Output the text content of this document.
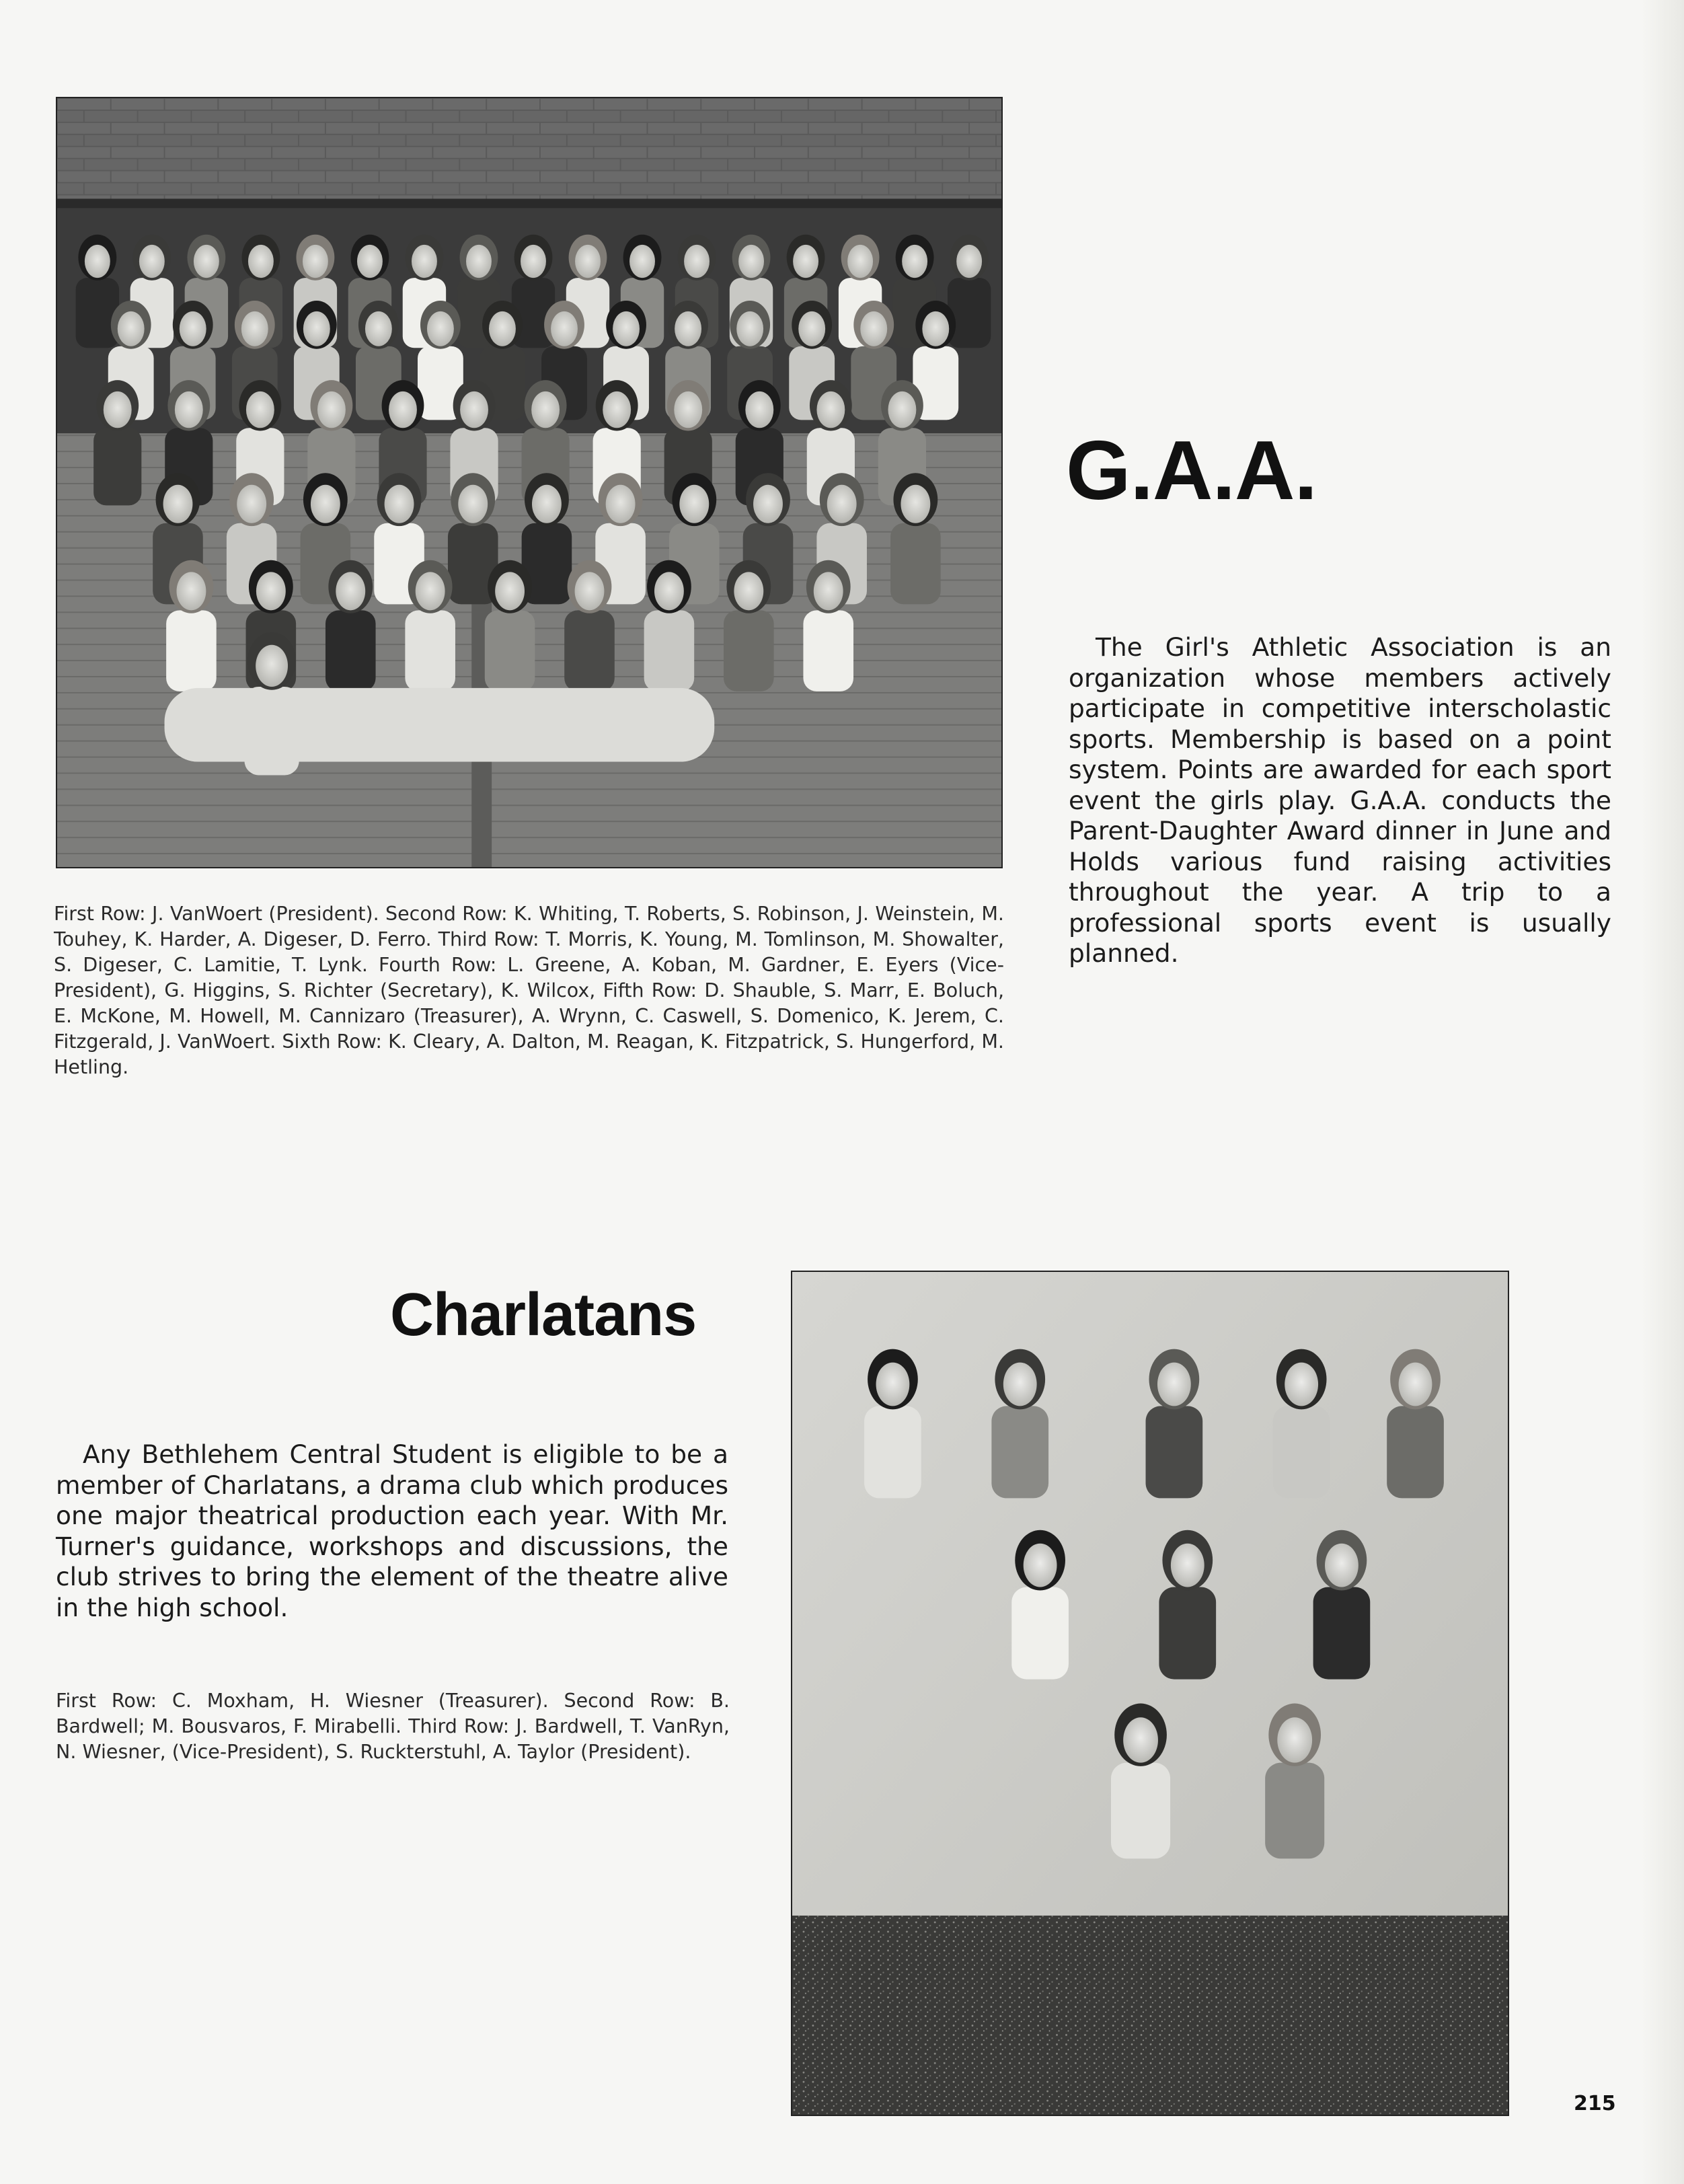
G.A.A.

The Girl's Athletic Association is an organization whose members actively participate in competitive interscholastic sports. Membership is based on a point system. Points are awarded for each sport event the girls play. G.A.A. conducts the Parent-Daughter Award dinner in June and Holds various fund raising activities throughout the year. A trip to a professional sports event is usually planned.

First Row: J. VanWoert (President). Second Row: K. Whiting, T. Roberts, S. Robinson, J. Weinstein, M. Touhey, K. Harder, A. Digeser, D. Ferro. Third Row: T. Morris, K. Young, M. Tomlinson, M. Showalter, S. Digeser, C. Lamitie, T. Lynk. Fourth Row: L. Greene, A. Koban, M. Gardner, E. Eyers (Vice-President), G. Higgins, S. Richter (Secretary), K. Wilcox, Fifth Row: D. Shauble, S. Marr, E. Boluch, E. McKone, M. Howell, M. Cannizaro (Treasurer), A. Wrynn, C. Caswell, S. Domenico, K. Jerem, C. Fitzgerald, J. VanWoert. Sixth Row: K. Cleary, A. Dalton, M. Reagan, K. Fitzpatrick, S. Hungerford, M. Hetling.

Charlatans

Any Bethlehem Central Student is eligible to be a member of Charlatans, a drama club which produces one major theatrical production each year. With Mr. Turner's guidance, workshops and discussions, the club strives to bring the element of the theatre alive in the high school.

First Row: C. Moxham, H. Wiesner (Treasurer). Second Row: B. Bardwell; M. Bousvaros, F. Mirabelli. Third Row: J. Bardwell, T. VanRyn, N. Wiesner, (Vice-President), S. Ruckterstuhl, A. Taylor (President).

215
